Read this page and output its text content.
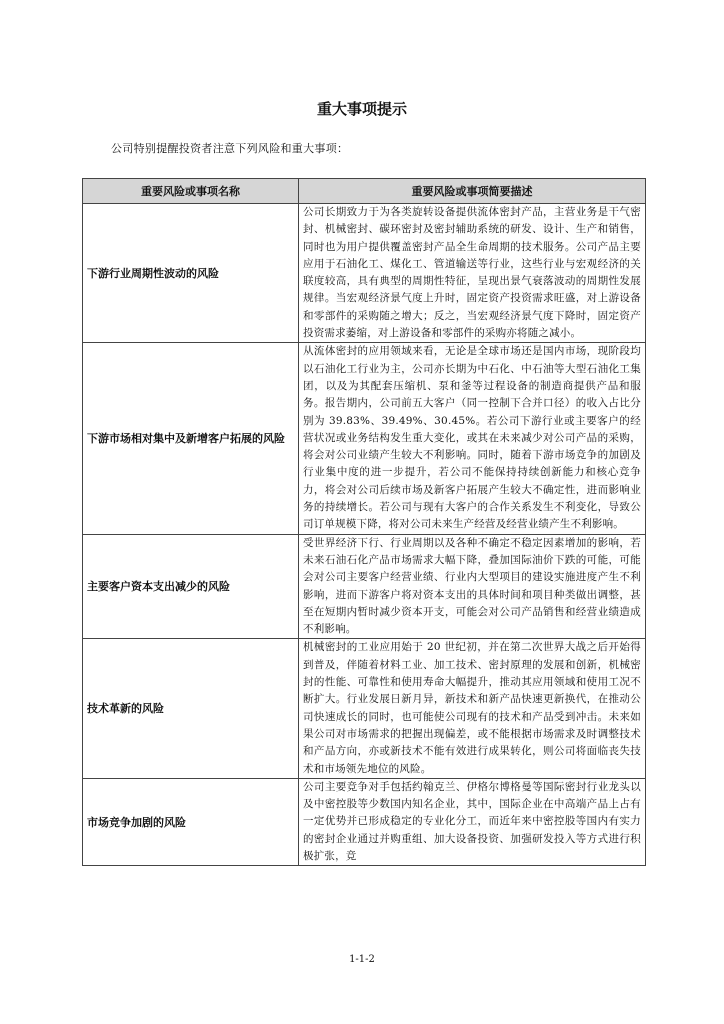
重大事项提示
公司特别提醒投资者注意下列风险和重大事项：
重要风险或事项名称	重要风险或事项简要描述
下游行业周期性波动的风险	公司长期致力于为各类旋转设备提供流体密封产品，主营业务是干气密封、机械密封、碳环密封及密封辅助系统的研发、设计、生产和销售，同时也为用户提供覆盖密封产品全生命周期的技术服务。公司产品主要应用于石油化工、煤化工、管道输送等行业，这些行业与宏观经济的关联度较高，具有典型的周期性特征，呈现出景气衰落波动的周期性发展规律。当宏观经济景气度上升时，固定资产投资需求旺盛，对上游设备和零部件的采购随之增大；反之，当宏观经济景气度下降时，固定资产投资需求萎缩，对上游设备和零部件的采购亦将随之减小。
下游市场相对集中及新增客户拓展的风险	从流体密封的应用领域来看，无论是全球市场还是国内市场，现阶段均以石油化工行业为主，公司亦长期为中石化、中石油等大型石油化工集团，以及为其配套压缩机、泵和釜等过程设备的制造商提供产品和服务。报告期内，公司前五大客户（同一控制下合并口径）的收入占比分别为 39.83%、39.49%、30.45%。若公司下游行业或主要客户的经营状况或业务结构发生重大变化，或其在未来减少对公司产品的采购，将会对公司业绩产生较大不利影响。同时，随着下游市场竞争的加剧及行业集中度的进一步提升，若公司不能保持持续创新能力和核心竞争力，将会对公司后续市场及新客户拓展产生较大不确定性，进而影响业务的持续增长。若公司与现有大客户的合作关系发生不利变化，导致公司订单规模下降，将对公司未来生产经营及经营业绩产生不利影响。
主要客户资本支出减少的风险	受世界经济下行、行业周期以及各种不确定不稳定因素增加的影响，若未来石油石化产品市场需求大幅下降，叠加国际油价下跌的可能，可能会对公司主要客户经营业绩、行业内大型项目的建设实施进度产生不利影响，进而下游客户将对资本支出的具体时间和项目种类做出调整，甚至在短期内暂时减少资本开支，可能会对公司产品销售和经营业绩造成不利影响。
技术革新的风险	机械密封的工业应用始于 20 世纪初，并在第二次世界大战之后开始得到普及，伴随着材料工业、加工技术、密封原理的发展和创新，机械密封的性能、可靠性和使用寿命大幅提升，推动其应用领域和使用工况不断扩大。行业发展日新月异，新技术和新产品快速更新换代，在推动公司快速成长的同时，也可能使公司现有的技术和产品受到冲击。未来如果公司对市场需求的把握出现偏差，或不能根据市场需求及时调整技术和产品方向，亦或新技术不能有效进行成果转化，则公司将面临丧失技术和市场领先地位的风险。
市场竞争加剧的风险	公司主要竞争对手包括约翰克兰、伊格尔博格曼等国际密封行业龙头以及中密控股等少数国内知名企业，其中，国际企业在中高端产品上占有一定优势并已形成稳定的专业化分工，而近年来中密控股等国内有实力的密封企业通过并购重组、加大设备投资、加强研发投入等方式进行积极扩张，竞
1-1-2
